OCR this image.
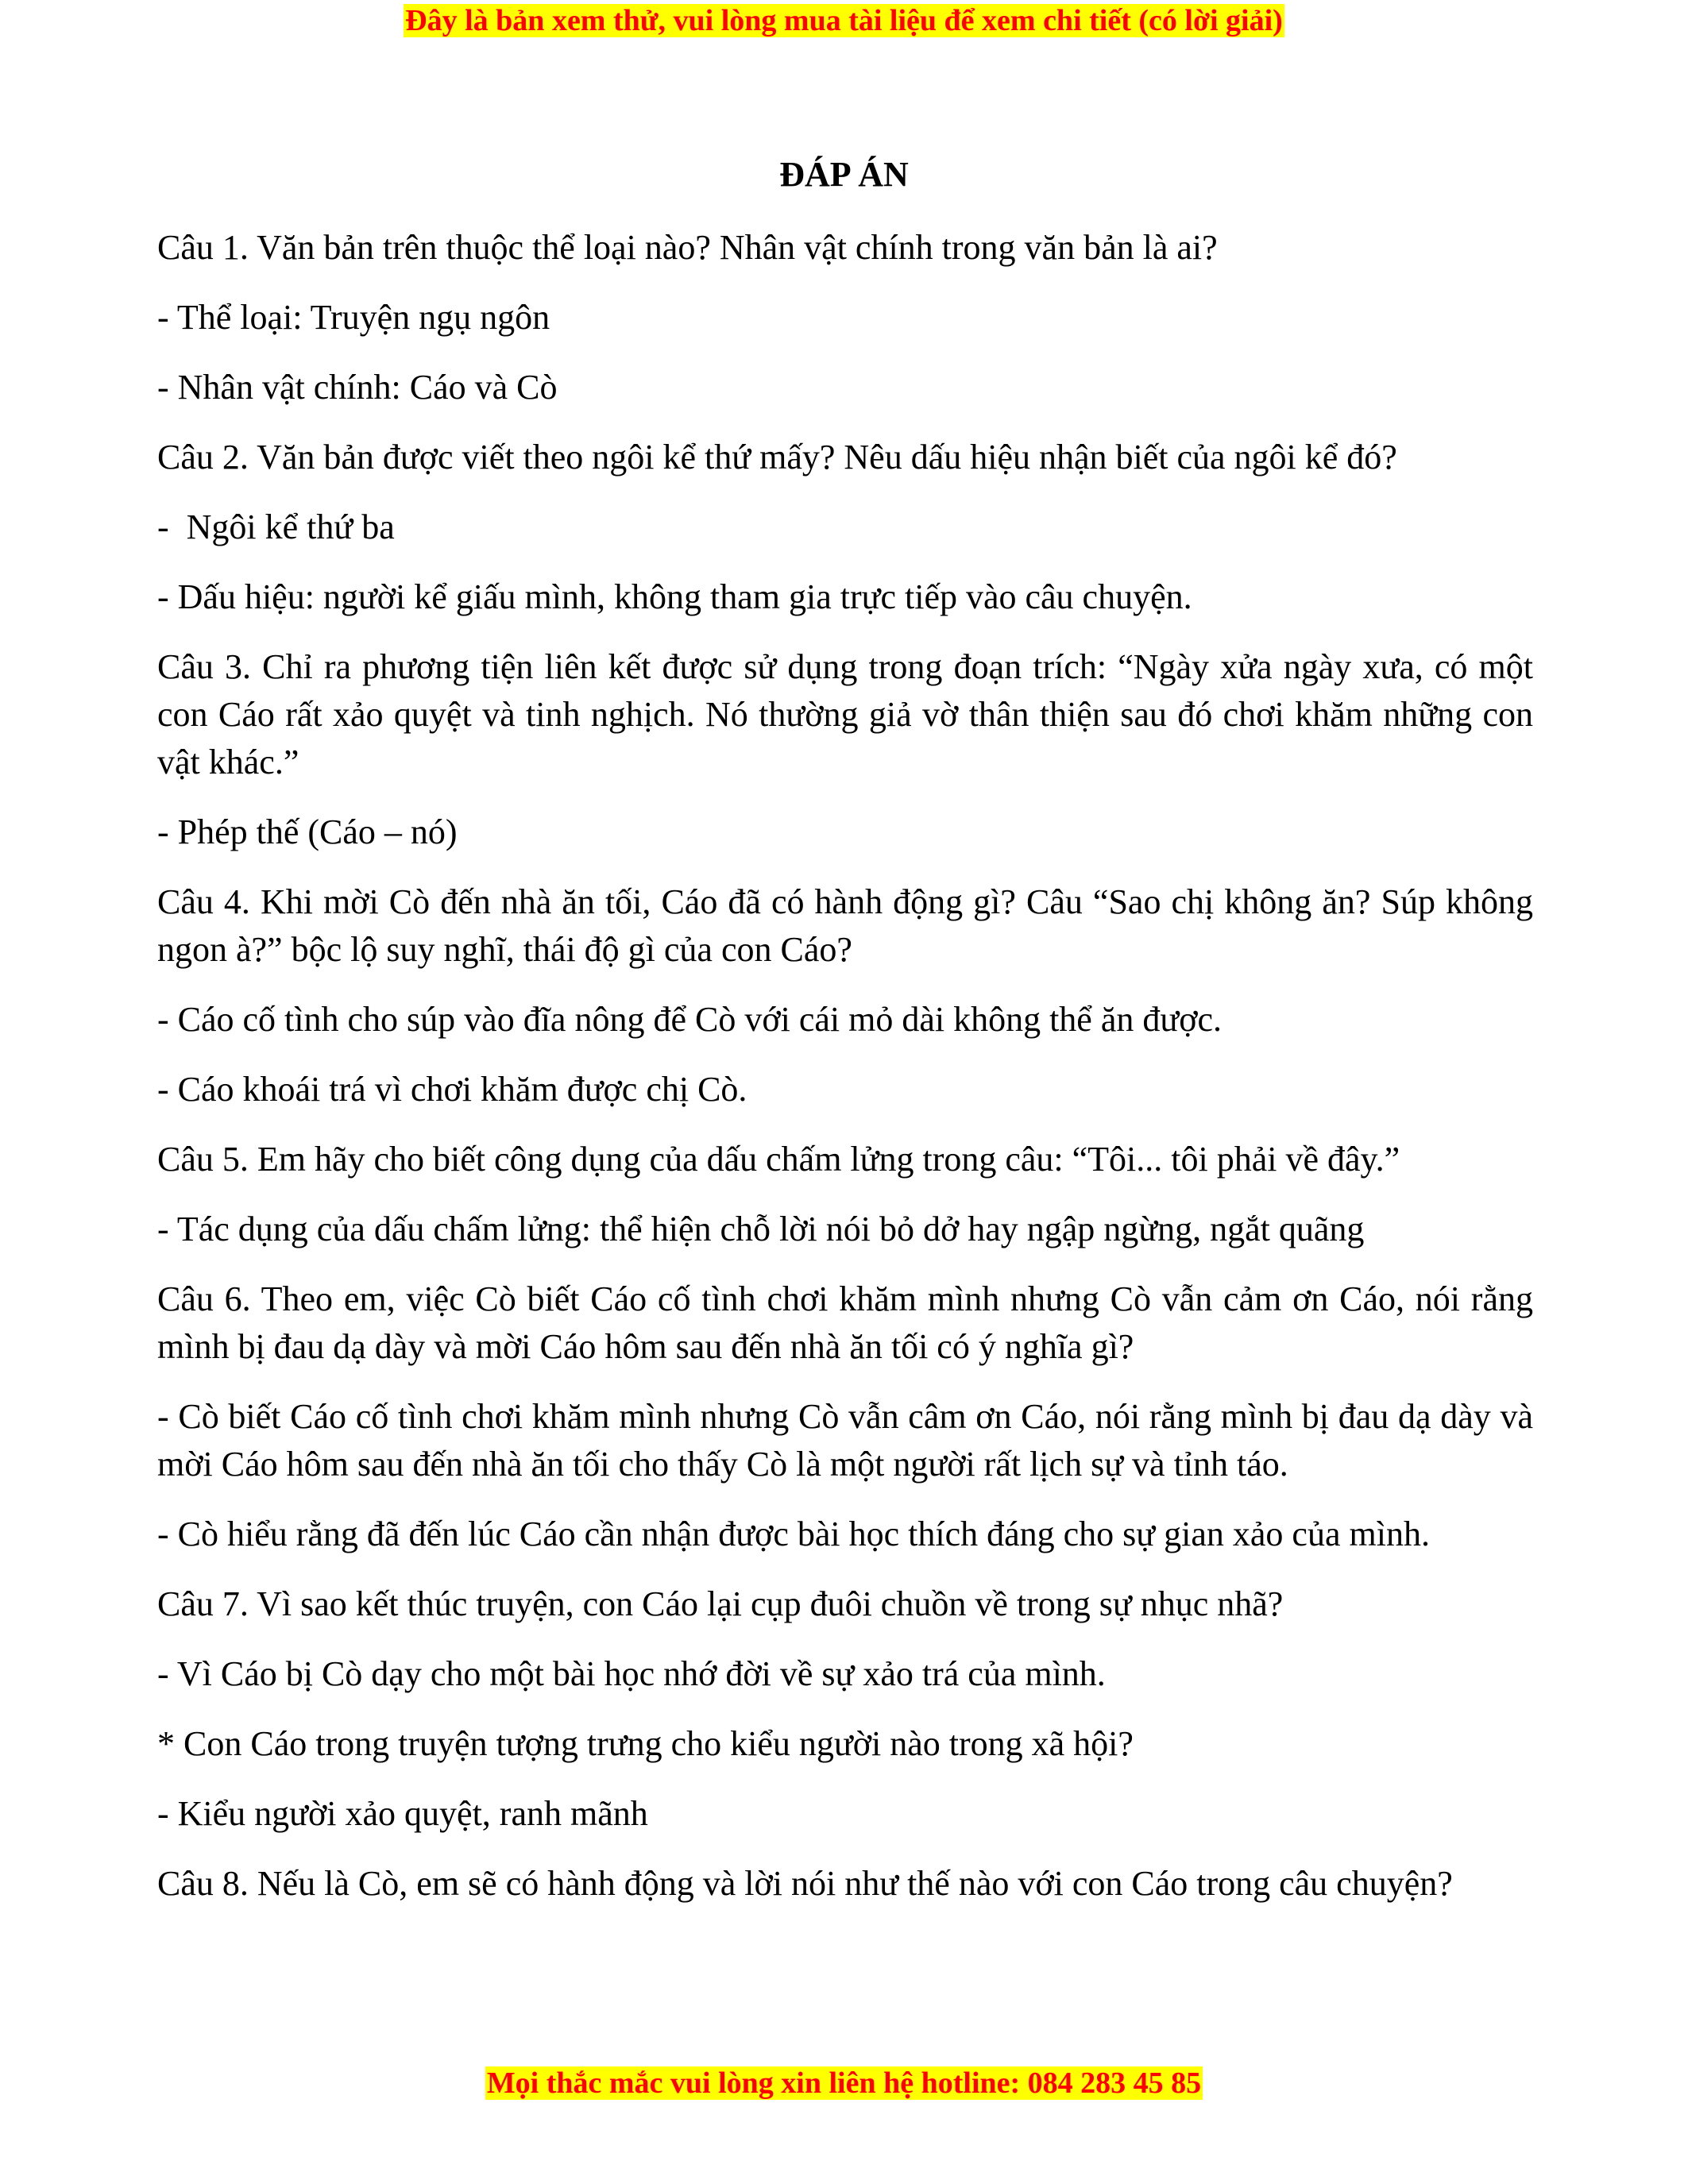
Đây là bản xem thử, vui lòng mua tài liệu để xem chi tiết (có lời giải)
ĐÁP ÁN

Câu 1. Văn bản trên thuộc thể loại nào? Nhân vật chính trong văn bản là ai?

- Thể loại: Truyện ngụ ngôn

- Nhân vật chính: Cáo và Cò

Câu 2. Văn bản được viết theo ngôi kể thứ mấy? Nêu dấu hiệu nhận biết của ngôi kể đó?

-  Ngôi kể thứ ba

- Dấu hiệu: người kể giấu mình, không tham gia trực tiếp vào câu chuyện.

Câu 3. Chỉ ra phương tiện liên kết được sử dụng trong đoạn trích: “Ngày xửa ngày xưa, có một con Cáo rất xảo quyệt và tinh nghịch. Nó thường giả vờ thân thiện sau đó chơi khăm những con vật khác.”

- Phép thế (Cáo – nó)

Câu 4. Khi mời Cò đến nhà ăn tối, Cáo đã có hành động gì? Câu “Sao chị không ăn? Súp không ngon à?” bộc lộ suy nghĩ, thái độ gì của con Cáo?

- Cáo cố tình cho súp vào đĩa nông để Cò với cái mỏ dài không thể ăn được.

- Cáo khoái trá vì chơi khăm được chị Cò.

Câu 5. Em hãy cho biết công dụng của dấu chấm lửng trong câu: “Tôi... tôi phải về đây.”

- Tác dụng của dấu chấm lửng: thể hiện chỗ lời nói bỏ dở hay ngập ngừng, ngắt quãng

Câu 6. Theo em, việc Cò biết Cáo cố tình chơi khăm mình nhưng Cò vẫn cảm ơn Cáo, nói rằng mình bị đau dạ dày và mời Cáo hôm sau đến nhà ăn tối có ý nghĩa gì?

- Cò biết Cáo cố tình chơi khăm mình nhưng Cò vẫn câm ơn Cáo, nói rằng mình bị đau dạ dày và mời Cáo hôm sau đến nhà ăn tối cho thấy Cò là một người rất lịch sự và tỉnh táo.

- Cò hiểu rằng đã đến lúc Cáo cần nhận được bài học thích đáng cho sự gian xảo của mình.

Câu 7. Vì sao kết thúc truyện, con Cáo lại cụp đuôi chuồn về trong sự nhục nhã?

- Vì Cáo bị Cò dạy cho một bài học nhớ đời về sự xảo trá của mình.

* Con Cáo trong truyện tượng trưng cho kiểu người nào trong xã hội?

- Kiểu người xảo quyệt, ranh mãnh

Câu 8. Nếu là Cò, em sẽ có hành động và lời nói như thế nào với con Cáo trong câu chuyện?

Mọi thắc mắc vui lòng xin liên hệ hotline: 084 283 45 85
